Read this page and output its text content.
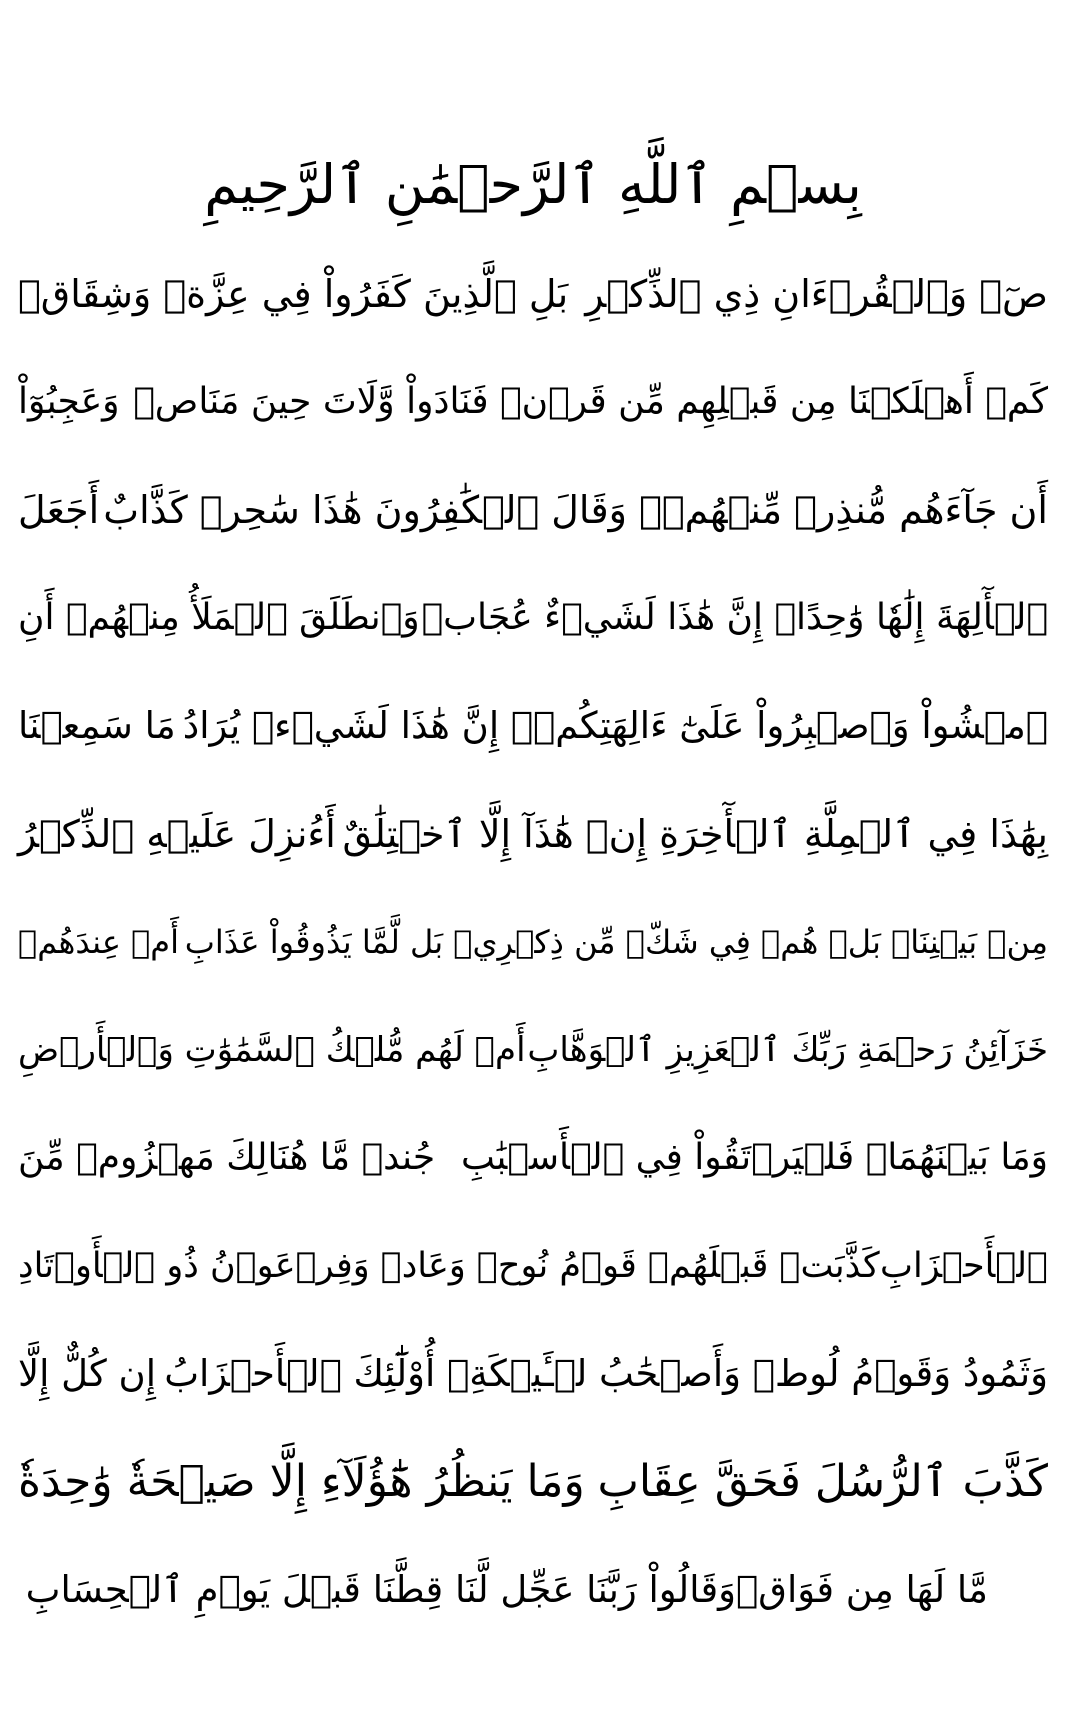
بِسۡمِ ٱللَّهِ ٱلرَّحۡمَٰنِ ٱلرَّحِيمِ
صٓۚ وَٱلۡقُرۡءَانِ ذِي ٱلذِّكۡرِ
بَلِ ٱلَّذِينَ كَفَرُواْ فِي عِزَّةٖ وَشِقَاقٖ
كَمۡ أَهۡلَكۡنَا مِن قَبۡلِهِم مِّن قَرۡنٖ فَنَادَواْ وَّلَاتَ حِينَ مَنَاصٖ
وَعَجِبُوٓاْ
أَن جَآءَهُم مُّنذِرٞ مِّنۡهُمۡۖ وَقَالَ ٱلۡكَٰفِرُونَ هَٰذَا سَٰحِرٞ كَذَّابٌ
أَجَعَلَ
ٱلۡأٓلِهَةَ إِلَٰهٗا وَٰحِدًاۖ إِنَّ هَٰذَا لَشَيۡءٌ عُجَابٞ
وَٱنطَلَقَ ٱلۡمَلَأُ مِنۡهُمۡ أَنِ
ٱمۡشُواْ وَٱصۡبِرُواْ عَلَىٰٓ ءَالِهَتِكُمۡۖ إِنَّ هَٰذَا لَشَيۡءٞ يُرَادُ
مَا سَمِعۡنَا
بِهَٰذَا فِي ٱلۡمِلَّةِ ٱلۡأٓخِرَةِ إِنۡ هَٰذَآ إِلَّا ٱخۡتِلَٰقٌ
أَءُنزِلَ عَلَيۡهِ ٱلذِّكۡرُ
مِنۢ بَيۡنِنَاۚ بَلۡ هُمۡ فِي شَكّٖ مِّن ذِكۡرِيۚ بَل لَّمَّا يَذُوقُواْ عَذَابِ
أَمۡ عِندَهُمۡ
خَزَآئِنُ رَحۡمَةِ رَبِّكَ ٱلۡعَزِيزِ ٱلۡوَهَّابِ
أَمۡ لَهُم مُّلۡكُ ٱلسَّمَٰوَٰتِ وَٱلۡأَرۡضِ
وَمَا بَيۡنَهُمَاۖ فَلۡيَرۡتَقُواْ فِي ٱلۡأَسۡبَٰبِ
جُندٞ مَّا هُنَالِكَ مَهۡزُومٞ مِّنَ
ٱلۡأَحۡزَابِ
كَذَّبَتۡ قَبۡلَهُمۡ قَوۡمُ نُوحٖ وَعَادٞ وَفِرۡعَوۡنُ ذُو ٱلۡأَوۡتَادِ
وَثَمُودُ وَقَوۡمُ لُوطٖ وَأَصۡحَٰبُ لۡـَٔيۡكَةِۚ أُوْلَٰٓئِكَ ٱلۡأَحۡزَابُ
إِن كُلٌّ إِلَّا
كَذَّبَ ٱلرُّسُلَ فَحَقَّ عِقَابِ
وَمَا يَنظُرُ هَٰٓؤُلَآءِ إِلَّا صَيۡحَةٗ وَٰحِدَةٗ
مَّا لَهَا مِن فَوَاقٖ
وَقَالُواْ رَبَّنَا عَجِّل لَّنَا قِطَّنَا قَبۡلَ يَوۡمِ ٱلۡحِسَابِ
